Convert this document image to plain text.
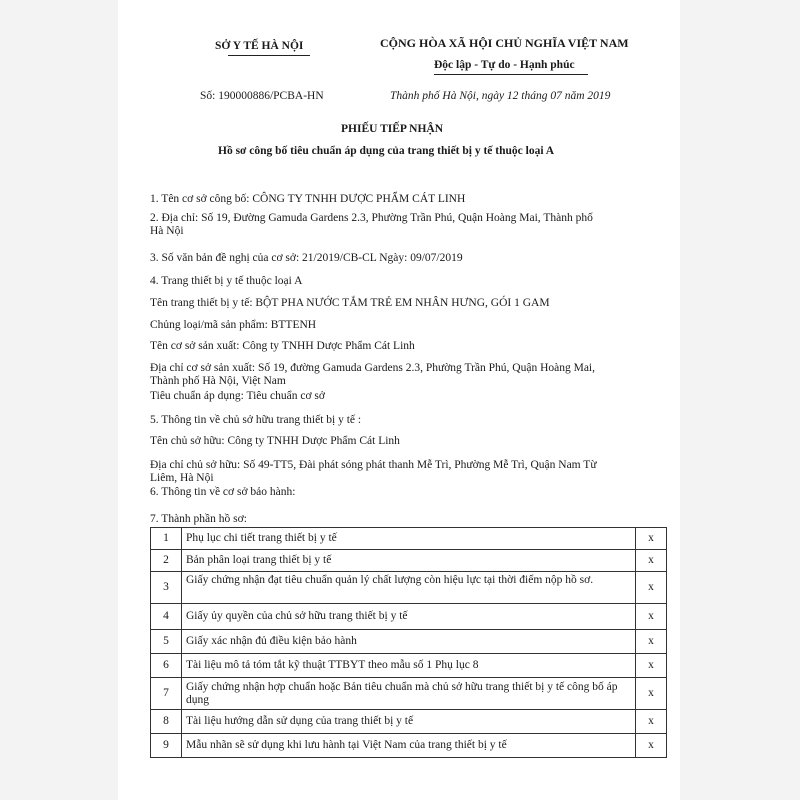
SỞ Y TẾ HÀ NỘI	CỘNG HÒA XÃ HỘI CHỦ NGHĨA VIỆT NAM
Độc lập - Tự do - Hạnh phúc
Số: 190000886/PCBA-HN	Thành phố Hà Nội, ngày 12 tháng 07 năm 2019
PHIẾU TIẾP NHẬN
Hồ sơ công bố tiêu chuẩn áp dụng của trang thiết bị y tế thuộc loại A
1. Tên cơ sở công bố: CÔNG TY TNHH DƯỢC PHẨM CÁT LINH
2. Địa chỉ: Số 19, Đường Gamuda Gardens 2.3, Phường Trần Phú, Quận Hoàng Mai, Thành phố
Hà Nội
3. Số văn bản đề nghị của cơ sở: 21/2019/CB-CL Ngày: 09/07/2019
4. Trang thiết bị y tế thuộc loại A
Tên trang thiết bị y tế: BỘT PHA NƯỚC TẮM TRẺ EM NHÂN HƯNG, GÓI 1 GAM
Chủng loại/mã sản phẩm: BTTENH
Tên cơ sở sản xuất: Công ty TNHH Dược Phẩm Cát Linh
Địa chỉ cơ sở sản xuất: Số 19, đường Gamuda Gardens 2.3, Phường Trần Phú, Quận Hoàng Mai,
Thành phố Hà Nội, Việt Nam
Tiêu chuẩn áp dụng: Tiêu chuẩn cơ sở
5. Thông tin về chủ sở hữu trang thiết bị y tế :
Tên chủ sở hữu: Công ty TNHH Dược Phẩm Cát Linh
Địa chỉ chủ sở hữu: Số 49-TT5, Đài phát sóng phát thanh Mễ Trì, Phường Mễ Trì, Quận Nam Từ
Liêm, Hà Nội
6. Thông tin về cơ sở bảo hành:
7. Thành phần hồ sơ:
1	Phụ lục chi tiết trang thiết bị y tế	x
2	Bản phân loại trang thiết bị y tế	x
3	Giấy chứng nhận đạt tiêu chuẩn quản lý chất lượng còn hiệu lực tại thời điểm nộp hồ sơ.	x
4	Giấy ủy quyền của chủ sở hữu trang thiết bị y tế	x
5	Giấy xác nhận đủ điều kiện bảo hành	x
6	Tài liệu mô tả tóm tắt kỹ thuật TTBYT theo mẫu số 1 Phụ lục 8	x
7	Giấy chứng nhận hợp chuẩn hoặc Bản tiêu chuẩn mà chủ sở hữu trang thiết bị y tế công bố áp dụng	x
8	Tài liệu hướng dẫn sử dụng của trang thiết bị y tế	x
9	Mẫu nhãn sẽ sử dụng khi lưu hành tại Việt Nam của trang thiết bị y tế	x
